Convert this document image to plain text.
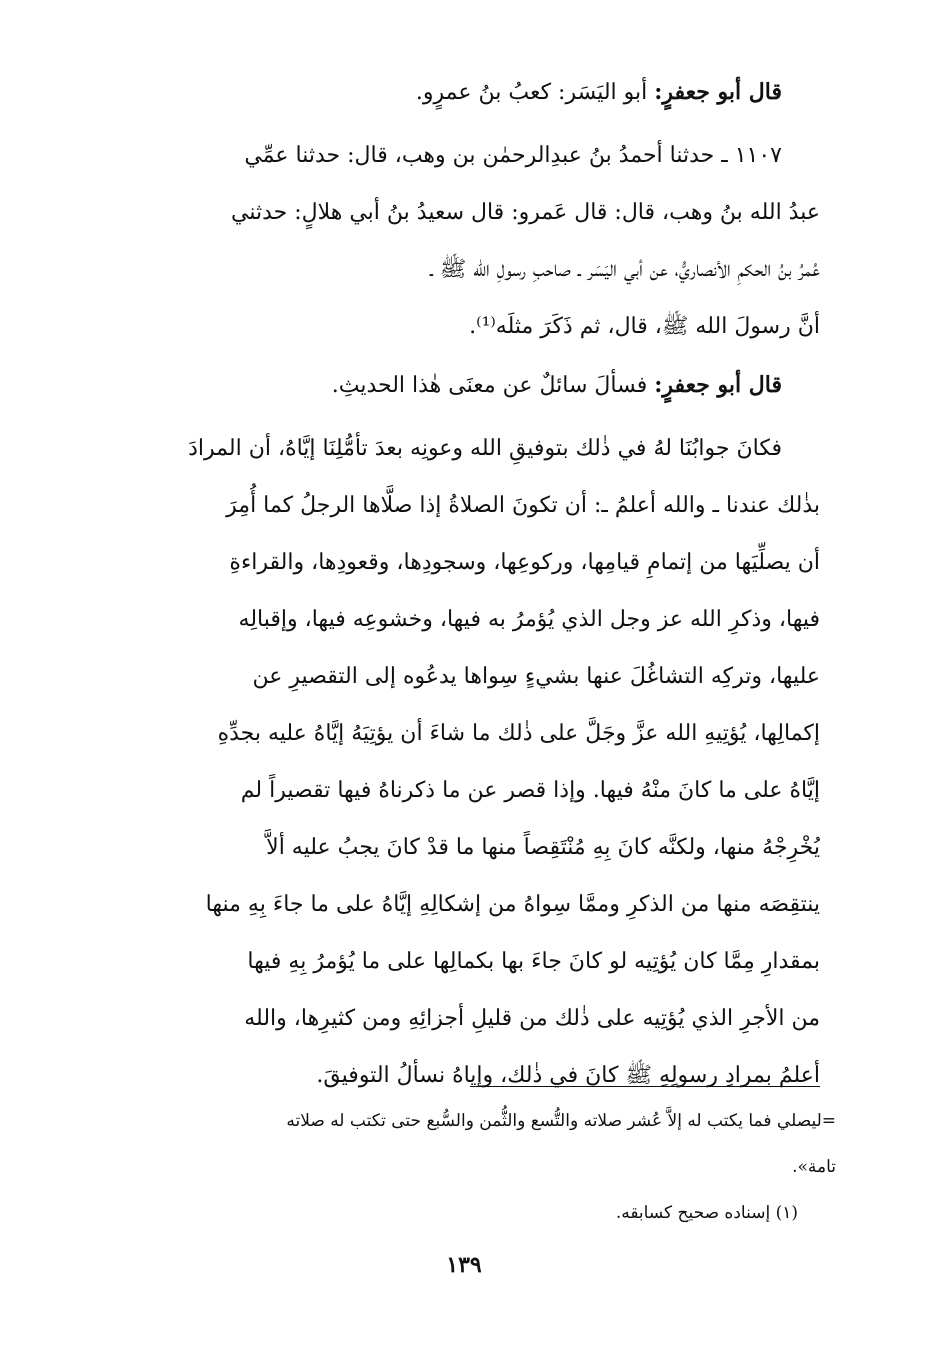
قال أبو جعفرٍ: أبو اليَسَر: كعبُ بنُ عمرٍو.
١١٠٧ ـ حدثنا أحمدُ بنُ عبدِالرحمٰن بن وهب، قال: حدثنا عمِّي
عبدُ الله بنُ وهب، قال: قال عَمرو: قال سعيدُ بنُ أبي هلالٍ: حدثني
عُمرُ بنُ الحكمِ الأنصاريُّ، عن أبي اليَسَر ـ صاحبِ رسولِ الله ﷺ ـ
أنَّ رسولَ الله ﷺ، قال، ثم ذَكَرَ مثلَه⁽¹⁾.
قال أبو جعفرٍ: فسألَ سائلٌ عن معنَى هٰذا الحديثِ.
فكانَ جوابُنَا لهُ في ذٰلك بتوفيقِ الله وعونِه بعدَ تأمُّلِنَا إيَّاهُ، أن المرادَ
بذٰلك عندنا ـ والله أعلمُ ـ: أن تكونَ الصلاةُ إذا صلَّاها الرجلُ كما أُمِرَ
أن يصلِّيَها من إتمامِ قيامِها، وركوعِها، وسجودِها، وقعودِها، والقراءةِ
فيها، وذكرِ الله عز وجل الذي يُؤمرُ به فيها، وخشوعِه فيها، وإقبالِه
عليها، وتركِه التشاغُلَ عنها بشيءٍ سِواها يدعُوه إلى التقصيرِ عن
إكمالِها، يُؤتِيهِ الله عزَّ وجَلَّ على ذٰلك ما شاءَ أن يؤتِيَهُ إيَّاهُ عليه بجدِّهِ
إيَّاهُ على ما كانَ منْهُ فيها. وإذا قصر عن ما ذكرناهُ فيها تقصيراً لم
يُخْرِجْهُ منها، ولكنَّه كانَ بِهِ مُنْتَقِصاً منها ما قدْ كانَ يجبُ عليه ألاَّ
ينتقِصَه منها من الذكرِ وممَّا سِواهُ من إشكالِهِ إيَّاهُ على ما جاءَ بِهِ منها
بمقدارِ مِمَّا كان يُؤتِيه لو كانَ جاءَ بها بكمالِها على ما يُؤمرُ بِهِ فيها
من الأجرِ الذي يُؤتِيه على ذٰلك من قليلِ أجزائِهِ ومن كثيرِها، والله
أعلمُ بمرادِ رسولِهِ ﷺ كانَ في ذٰلك، وإياهُ نسألُ التوفيقَ.
=ليصلي فما يكتب له إلاَّ عُشر صلاته والتُّسع والثُّمن والسُّبع حتى تكتب له صلاته
تامة».
(١) إسناده صحيح كسابقه.
١٣٩
